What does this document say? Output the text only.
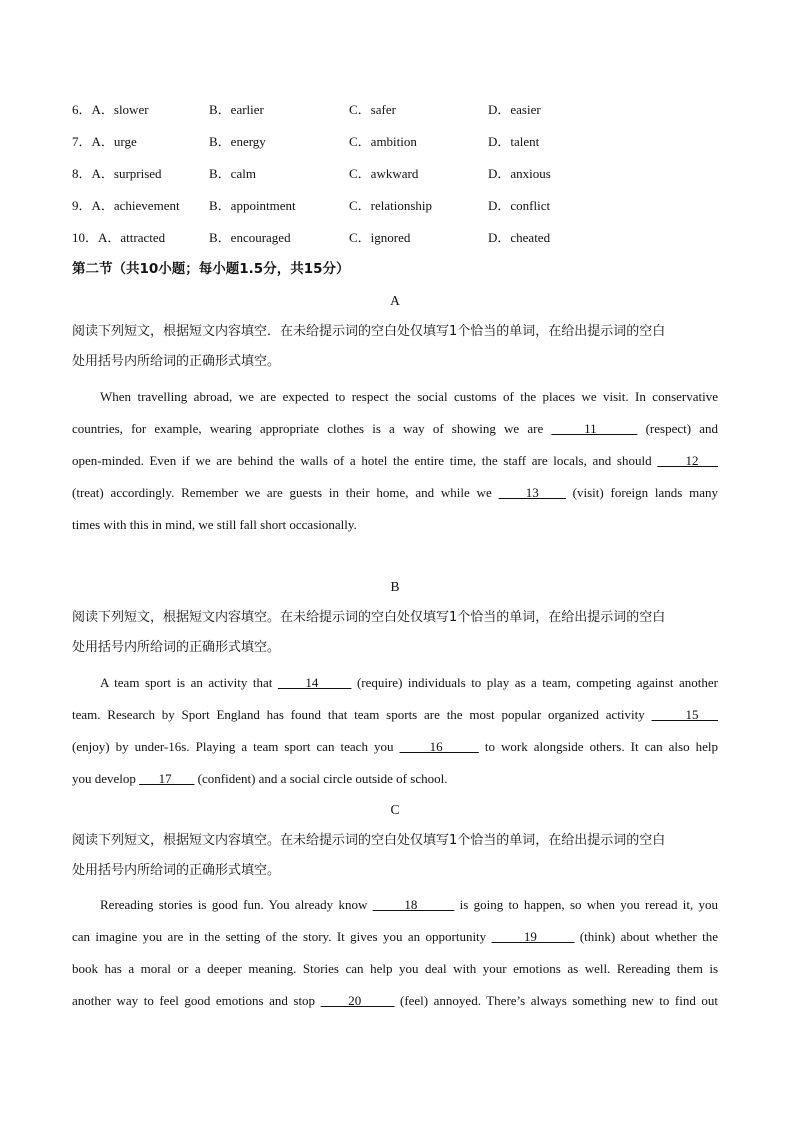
6．A．slower	B．earlier	C．safer	D．easier
7．A．urge	B．energy	C．ambition	D．talent
8．A．surprised	B．calm	C．awkward	D．anxious
9．A．achievement B．appointment	C．relationship	D．conflict
10．A．attracted	B．encouraged	C．ignored	D．cheated
第二节（共10小题；每小题1.5分，共15分）
A
阅读下列短文，根据短文内容填空．在未给提示词的空白处仅填写1个恰当的单词，在给出提示词的空白
处用括号内所给词的正确形式填空。
When travelling abroad, we are expected to respect the social customs of the places we visit. In conservative
countries, for example, wearing appropriate clothes is a way of showing we are     11      (respect) and
open-minded. Even if we are behind the walls of a hotel the entire time, the staff are locals, and should      12
(treat) accordingly. Remember we are guests in their home, and while we     13     (visit) foreign lands many
times with this in mind, we still fall short occasionally.
B
阅读下列短文，根据短文内容填空。在未给提示词的空白处仅填写1个恰当的单词，在给出提示词的空白
处用括号内所给词的正确形式填空。
A team sport is an activity that      14       (require) individuals to play as a team, competing against another
team. Research by Sport England has found that team sports are the most popular organized activity      15
(enjoy) by under-16s. Playing a team sport can teach you      16       to work alongside others. It can also help
you develop       17        (confident) and a social circle outside of school.
C
阅读下列短文，根据短文内容填空。在未给提示词的空白处仅填写1个恰当的单词，在给出提示词的空白
处用括号内所给词的正确形式填空。
Rereading stories is good fun. You already know       18        is going to happen, so when you reread it, you
can imagine you are in the setting of the story. It gives you an opportunity       19        (think) about whether the
book has a moral or a deeper meaning. Stories can help you deal with your emotions as well. Rereading them is
another way to feel good emotions and stop      20       (feel) annoyed. There’s always something new to find out
